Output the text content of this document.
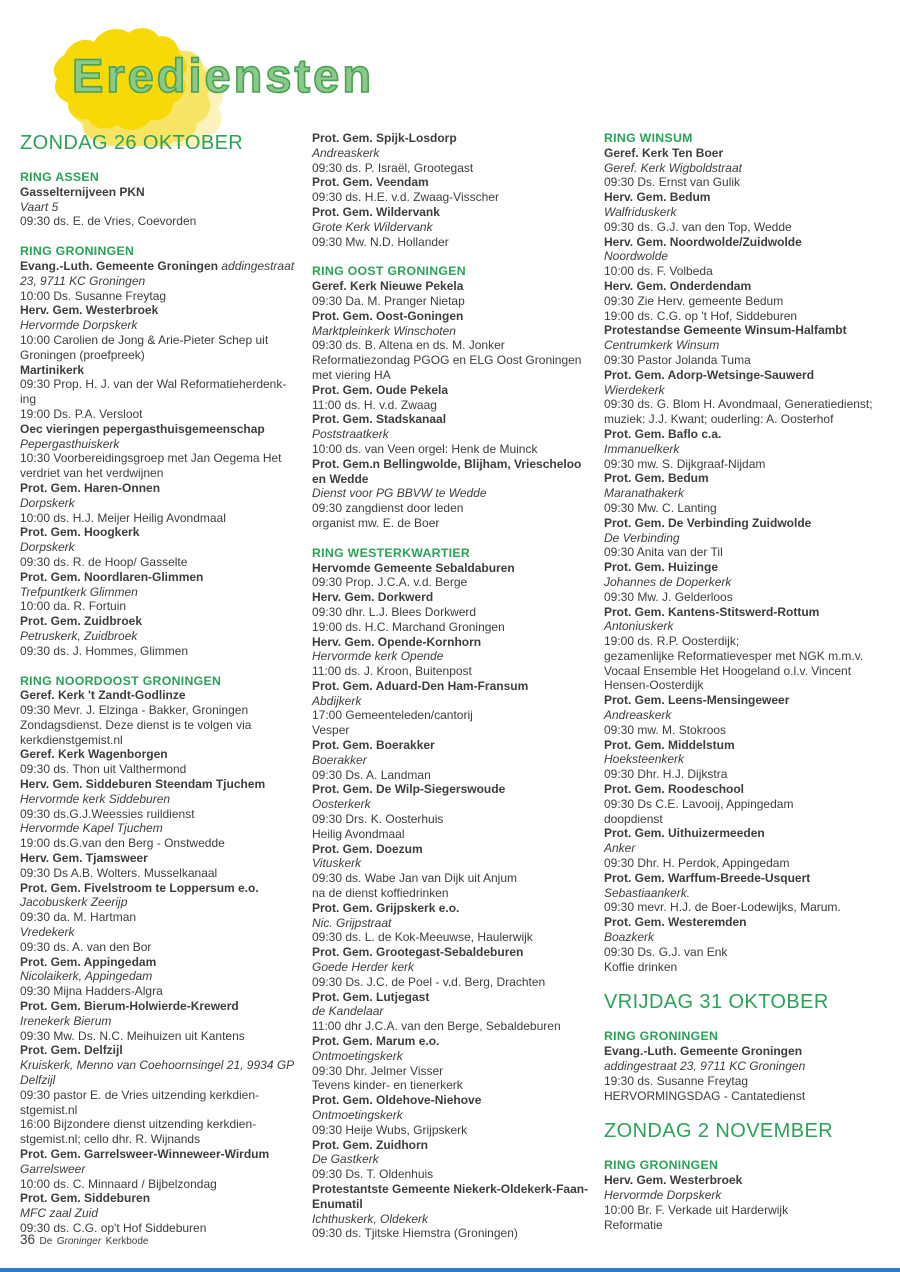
Erediensten
ZONDAG 26 OKTOBER
RING ASSEN
Gasselternijveen PKN
Vaart 5
09:30 ds. E. de Vries, Coevorden
RING GRONINGEN
Evang.-Luth. Gemeente Groningen addingestraat 23, 9711 KC Groningen
10:00 Ds. Susanne Freytag
Herv. Gem. Westerbroek
Hervormde Dorpskerk
10:00 Carolien de Jong & Arie-Pieter Schep uit Groningen (proefpreek)
Martinikerk
09:30 Prop. H. J. van der Wal Reformatieherdenk-ing
19:00 Ds. P.A. Versloot
Oec vieringen pepergasthuisgemeenschap
Pepergasthuiskerk
10:30 Voorbereidingsgroep met Jan Oegema Het verdriet van het verdwijnen
Prot. Gem. Haren-Onnen
Dorpskerk
10:00 ds. H.J. Meijer Heilig Avondmaal
Prot. Gem. Hoogkerk
Dorpskerk
09:30 ds. R. de Hoop/ Gasselte
Prot. Gem. Noordlaren-Glimmen
Trefpuntkerk Glimmen
10:00 da. R. Fortuin
Prot. Gem. Zuidbroek
Petruskerk, Zuidbroek
09:30 ds. J. Hommes, Glimmen
RING NOORDOOST GRONINGEN
Geref. Kerk 't Zandt-Godlinze
09:30 Mevr. J. Elzinga - Bakker, Groningen
Zondagsdienst. Deze dienst is te volgen via kerkdienstgemist.nl
Geref. Kerk Wagenborgen
09:30 ds. Thon uit Valthermond
Herv. Gem. Siddeburen Steendam Tjuchem
Hervormde kerk Siddeburen
09:30 ds.G.J.Weessies ruildienst
Hervormde Kapel Tjuchem
19:00 ds.G.van den Berg - Onstwedde
Herv. Gem. Tjamsweer
09:30 Ds A.B. Wolters. Musselkanaal
Prot. Gem. Fivelstroom te Loppersum e.o.
Jacobuskerk Zeerijp
09:30 da. M. Hartman
Vredekerk
09:30 ds. A. van den Bor
Prot. Gem. Appingedam
Nicolaikerk, Appingedam
09:30 Mijna Hadders-Algra
Prot. Gem. Bierum-Holwierde-Krewerd
Irenekerk Bierum
09:30 Mw. Ds. N.C. Meihuizen uit Kantens
Prot. Gem. Delfzijl
Kruiskerk, Menno van Coehoornsingel 21, 9934 GP Delfzijl
09:30 pastor E. de Vries uitzending kerkdien-stgemist.nl
16:00 Bijzondere dienst uitzending kerkdien-stgemist.nl; cello dhr. R. Wijnands
Prot. Gem. Garrelsweer-Winneweer-Wirdum
Garrelsweer
10:00 ds. C. Minnaard / Bijbelzondag
Prot. Gem. Siddeburen
MFC zaal Zuid
09:30 ds. C.G. op't Hof Siddeburen
Prot. Gem. Spijk-Losdorp
Andreaskerk
09:30 ds. P. Israël, Grootegast
Prot. Gem. Veendam
09:30 ds. H.E. v.d. Zwaag-Visscher
Prot. Gem. Wildervank
Grote Kerk Wildervank
09:30 Mw. N.D. Hollander
RING OOST GRONINGEN
Geref. Kerk Nieuwe Pekela
09:30 Da. M. Pranger Nietap
Prot. Gem. Oost-Goningen
Marktpleinkerk Winschoten
09:30 ds. B. Altena en ds. M. Jonker
Reformatiezondag PGOG en ELG Oost Groningen met viering HA
Prot. Gem. Oude Pekela
11:00 ds. H. v.d. Zwaag
Prot. Gem. Stadskanaal
Poststraatkerk
10:00 ds. van Veen orgel: Henk de Muinck
Prot. Gem.n Bellingwolde, Blijham, Vriescheloo en Wedde
Dienst voor PG BBVW te Wedde
09:30 zangdienst door leden
organist mw. E. de Boer
RING WESTERKWARTIER
Hervomde Gemeente Sebaldaburen
09:30 Prop. J.C.A. v.d. Berge
Herv. Gem. Dorkwerd
09:30 dhr. L.J. Blees Dorkwerd
19:00 ds. H.C. Marchand Groningen
Herv. Gem. Opende-Kornhorn
Hervormde kerk Opende
11:00 ds. J. Kroon, Buitenpost
Prot. Gem. Aduard-Den Ham-Fransum
Abdijkerk
17:00 Gemeenteleden/cantorij
Vesper
Prot. Gem. Boerakker
Boerakker
09:30 Ds. A. Landman
Prot. Gem. De Wilp-Siegerswoude
Oosterkerk
09:30 Drs. K. Oosterhuis
Heilig Avondmaal
Prot. Gem. Doezum
Vituskerk
09:30 ds. Wabe Jan van Dijk uit Anjum
na de dienst koffiedrinken
Prot. Gem. Grijpskerk e.o.
Nic. Grijpstraat
09:30 ds. L. de Kok-Meeuwse, Haulerwijk
Prot. Gem. Grootegast-Sebaldeburen
Goede Herder kerk
09:30 Ds. J.C. de Poel - v.d. Berg, Drachten
Prot. Gem. Lutjegast
de Kandelaar
11:00 dhr J.C.A. van den Berge, Sebaldeburen
Prot. Gem. Marum e.o.
Ontmoetingskerk
09:30 Dhr. Jelmer Visser
Tevens kinder- en tienerkerk
Prot. Gem. Oldehove-Niehove
Ontmoetingskerk
09:30 Heije Wubs, Grijpskerk
Prot. Gem. Zuidhorn
De Gastkerk
09:30 Ds. T. Oldenhuis
Protestantste Gemeente Niekerk-Oldekerk-Faan-Enumatil
Ichthuskerk, Oldekerk
09:30 ds. Tjitske Hiemstra (Groningen)
RING WINSUM
Geref. Kerk Ten Boer
Geref. Kerk Wigboldstraat
09:30 Ds. Ernst van Gulik
Herv. Gem. Bedum
Walfriduskerk
09:30 ds. G.J. van den Top, Wedde
Herv. Gem. Noordwolde/Zuidwolde
Noordwolde
10:00 ds. F. Volbeda
Herv. Gem. Onderdendam
09:30 Zie Herv. gemeente Bedum
19:00 ds. C.G. op 't Hof, Siddeburen
Protestandse Gemeente Winsum-Halfambt
Centrumkerk Winsum
09:30 Pastor Jolanda Tuma
Prot. Gem. Adorp-Wetsinge-Sauwerd
Wierdekerk
09:30 ds. G. Blom H. Avondmaal, Generatiedienst; muziek: J.J. Kwant; ouderling: A. Oosterhof
Prot. Gem. Baflo c.a.
Immanuelkerk
09:30 mw. S. Dijkgraaf-Nijdam
Prot. Gem. Bedum
Maranathakerk
09:30 Mw. C. Lanting
Prot. Gem. De Verbinding Zuidwolde
De Verbinding
09:30 Anita van der Til
Prot. Gem. Huizinge
Johannes de Doperkerk
09:30 Mw. J. Gelderloos
Prot. Gem. Kantens-Stitswerd-Rottum
Antoniuskerk
19:00 ds. R.P. Oosterdijk;
gezamenlijke Reformatievesper met NGK m.m.v. Vocaal Ensemble Het Hoogeland o.l.v. Vincent Hensen-Oosterdijk
Prot. Gem. Leens-Mensingeweer
Andreaskerk
09:30 mw. M. Stokroos
Prot. Gem. Middelstum
Hoeksteenkerk
09:30 Dhr. H.J. Dijkstra
Prot. Gem. Roodeschool
09:30 Ds C.E. Lavooij, Appingedam
doopdienst
Prot. Gem. Uithuizermeeden
Anker
09:30 Dhr. H. Perdok, Appingedam
Prot. Gem. Warffum-Breede-Usquert
Sebastiaankerk.
09:30 mevr. H.J. de Boer-Lodewijks, Marum.
Prot. Gem. Westeremden
Boazkerk
09:30 Ds. G.J. van Enk
Koffie drinken
VRIJDAG 31 OKTOBER
RING GRONINGEN
Evang.-Luth. Gemeente Groningen
addingestraat 23, 9711 KC Groningen
19:30 ds. Susanne Freytag
HERVORMINGSDAG - Cantatedienst
ZONDAG 2 NOVEMBER
RING GRONINGEN
Herv. Gem. Westerbroek
Hervormde Dorpskerk
10:00 Br. F. Verkade uit Harderwijk
Reformatie
36 De Groninger Kerkbode
